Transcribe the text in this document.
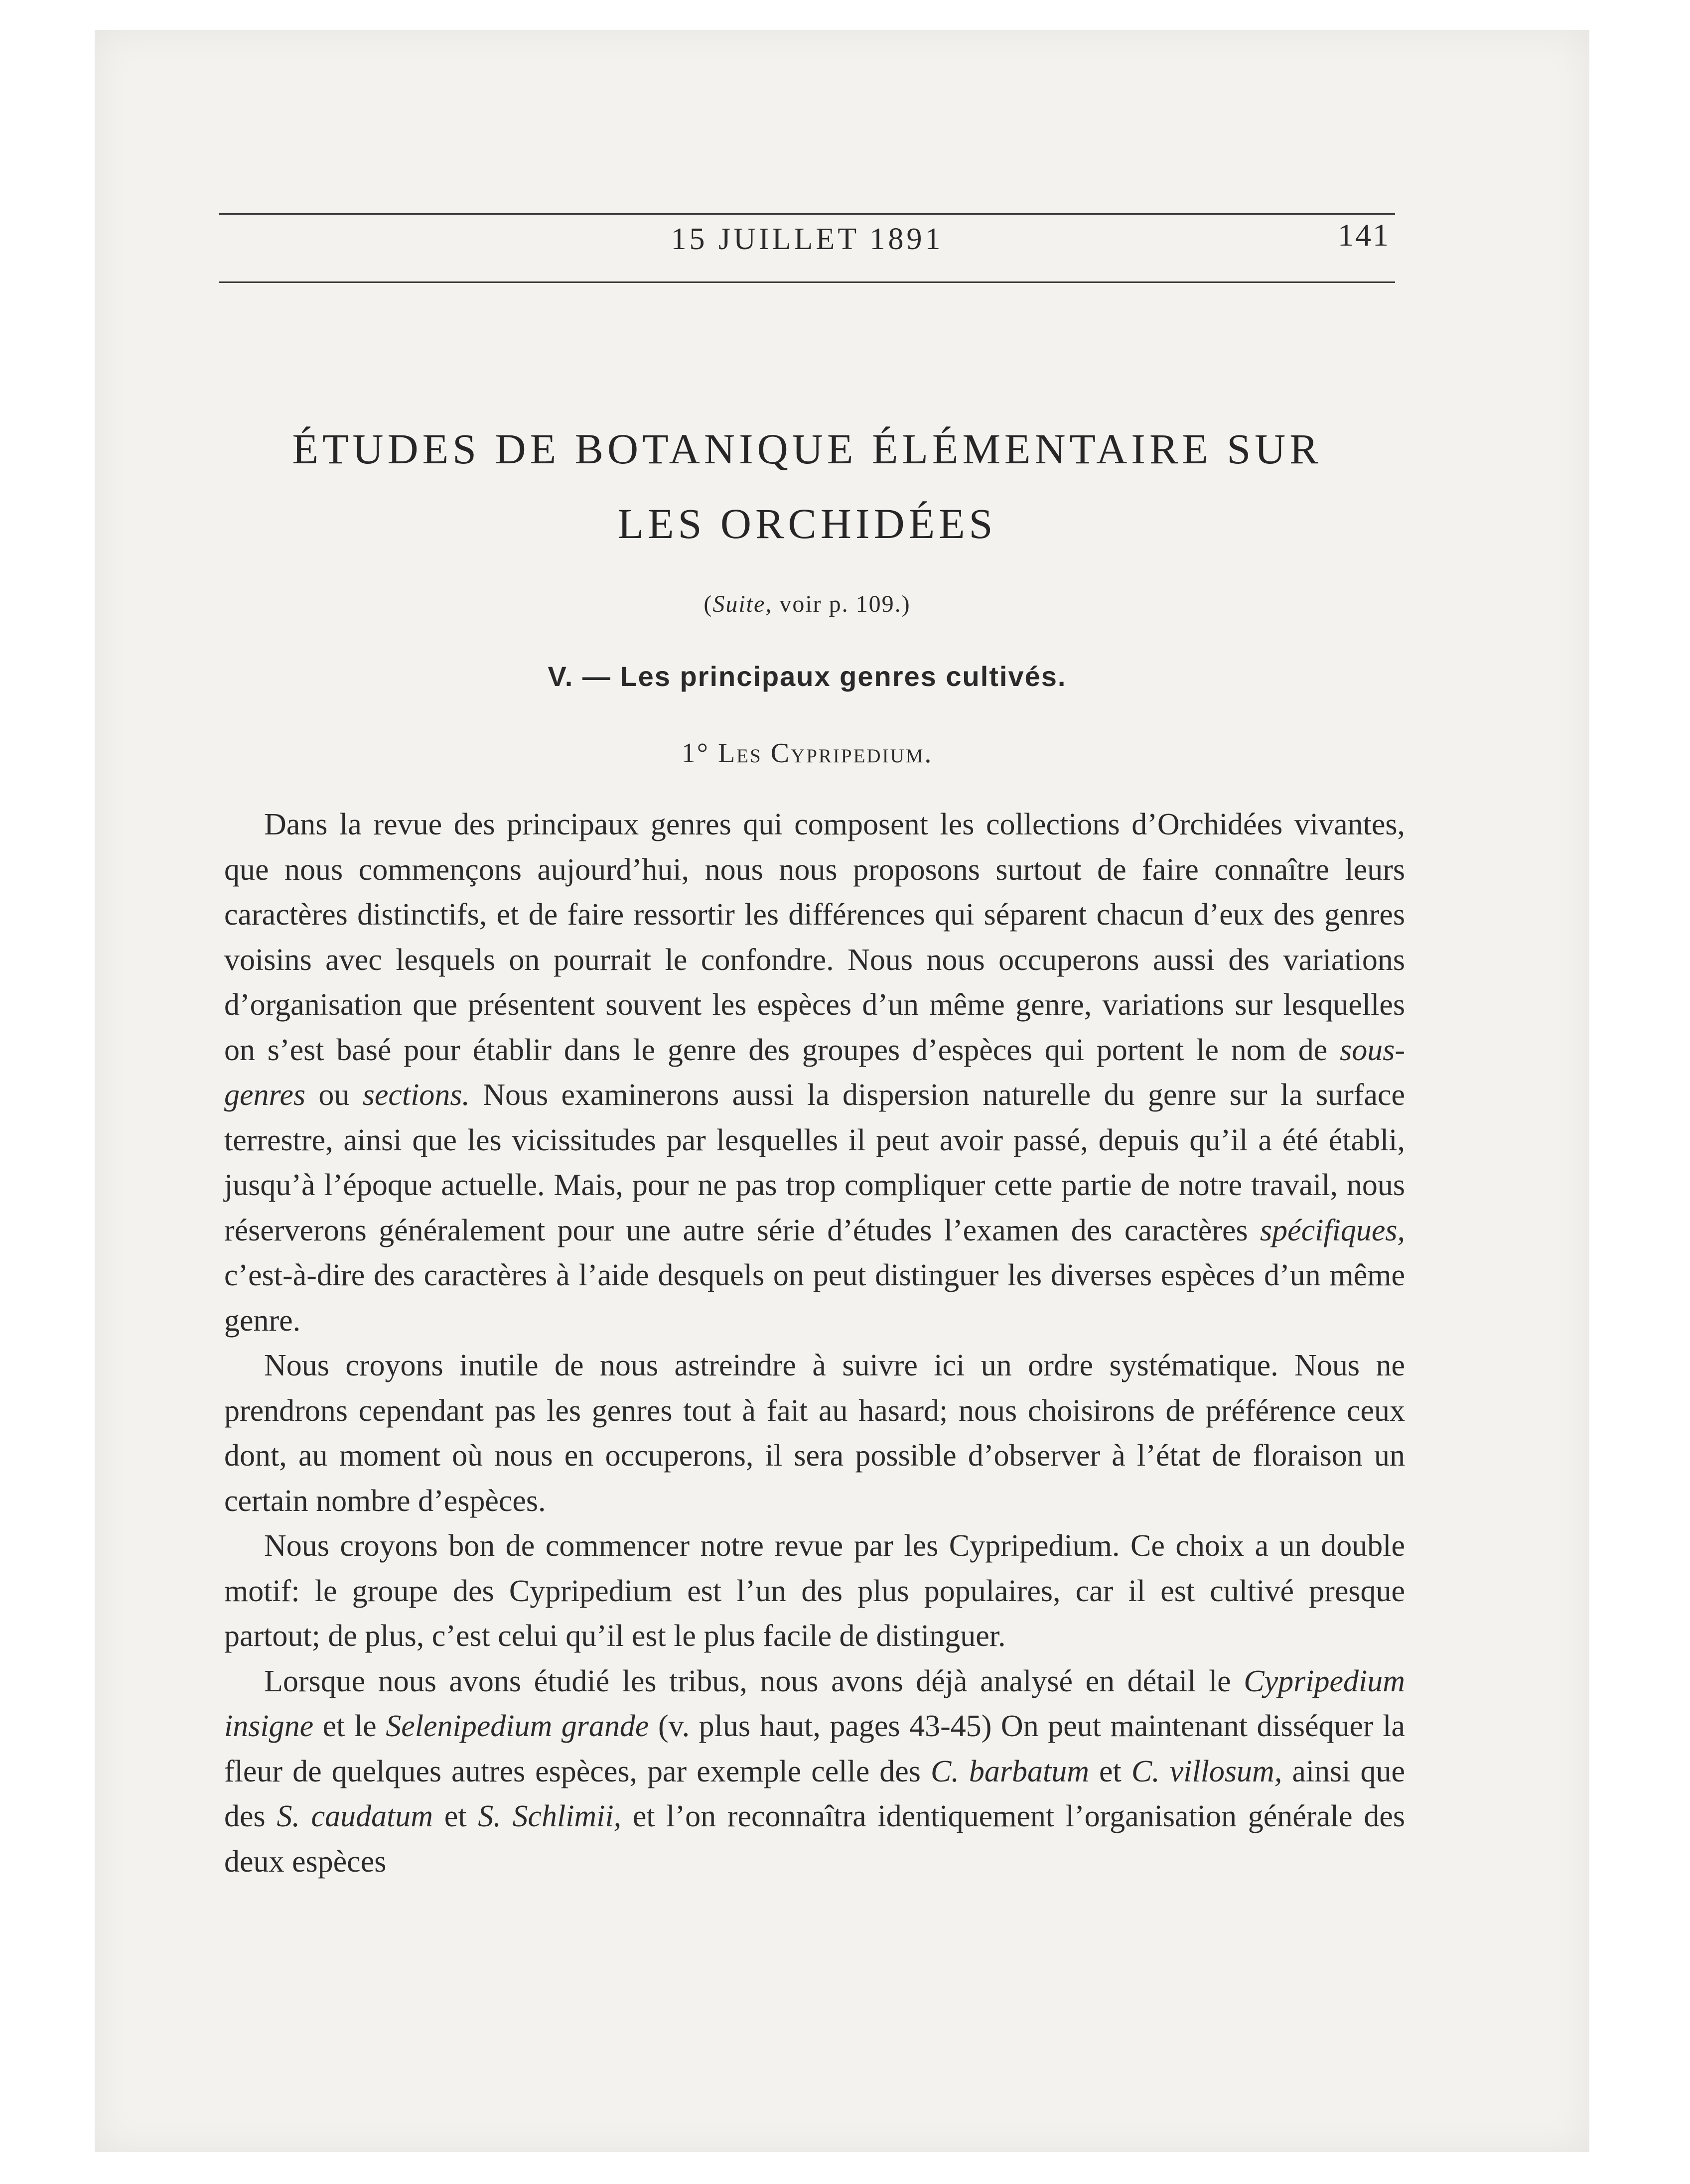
15 JUILLET 1891	141
ÉTUDES DE BOTANIQUE ÉLÉMENTAIRE SUR
LES ORCHIDÉES
(Suite, voir p. 109.)
V. — Les principaux genres cultivés.
1° Les Cypripedium.

Dans la revue des principaux genres qui composent les collections d’Orchidées vivantes, que nous commençons aujourd’hui, nous nous proposons surtout de faire connaître leurs caractères distinctifs, et de faire ressortir les différences qui séparent chacun d’eux des genres voisins avec lesquels on pourrait le confondre. Nous nous occuperons aussi des variations d’organisation que présentent souvent les espèces d’un même genre, variations sur lesquelles on s’est basé pour établir dans le genre des groupes d’espèces qui portent le nom de sous-genres ou sections. Nous examinerons aussi la dispersion naturelle du genre sur la surface terrestre, ainsi que les vicissitudes par lesquelles il peut avoir passé, depuis qu’il a été établi, jusqu’à l’époque actuelle. Mais, pour ne pas trop compliquer cette partie de notre travail, nous réserverons généralement pour une autre série d’études l’examen des caractères spécifiques, c’est-à-dire des caractères à l’aide desquels on peut distinguer les diverses espèces d’un même genre.

Nous croyons inutile de nous astreindre à suivre ici un ordre systématique. Nous ne prendrons cependant pas les genres tout à fait au hasard; nous choisirons de préférence ceux dont, au moment où nous en occuperons, il sera possible d’observer à l’état de floraison un certain nombre d’espèces.

Nous croyons bon de commencer notre revue par les Cypripedium. Ce choix a un double motif: le groupe des Cypripedium est l’un des plus populaires, car il est cultivé presque partout; de plus, c’est celui qu’il est le plus facile de distinguer.

Lorsque nous avons étudié les tribus, nous avons déjà analysé en détail le Cypripedium insigne et le Selenipedium grande (v. plus haut, pages 43-45) On peut maintenant disséquer la fleur de quelques autres espèces, par exemple celle des C. barbatum et C. villosum, ainsi que des S. caudatum et S. Schlimii, et l’on reconnaîtra identiquement l’organisation générale des deux espèces
